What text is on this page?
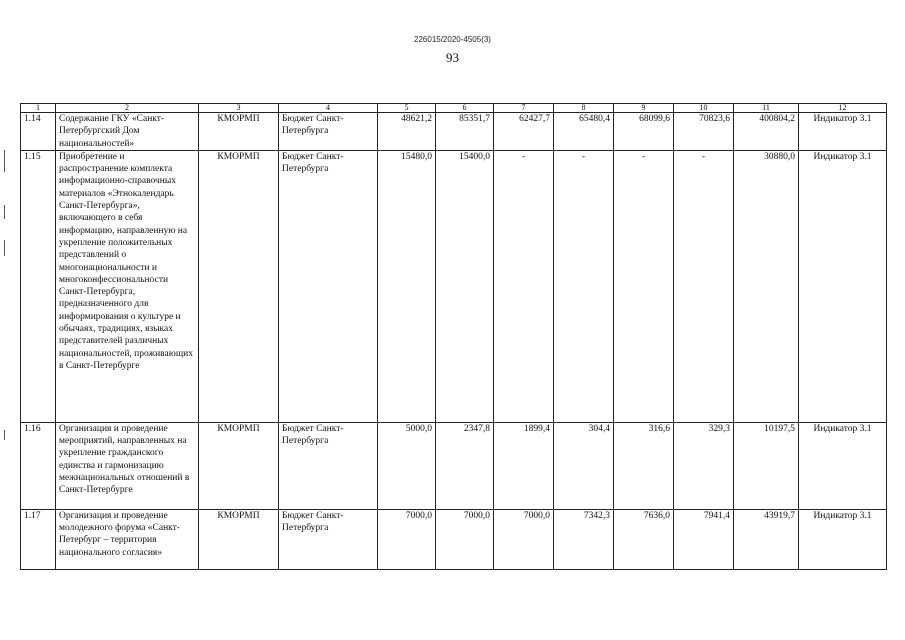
226015/2020-4505(3)
93
1	2	3	4	5	6	7	8	9	10	11	12
1.14	Содержание ГКУ «Санкт-Петербургский Дом национальностей»	КМОРМП	Бюджет Санкт-Петербурга	48621,2	85351,7	62427,7	65480,4	68099,6	70823,6	400804,2	Индикатор 3.1
1.15	Приобретение и распространение комплекта информационно-справочных материалов «Этнокалендарь Санкт-Петербурга», включающего в себя информацию, направленную на укрепление положительных представлений о многонациональности и многоконфессиональности Санкт-Петербурга, предназначенного для информирования о культуре и обычаях, традициях, языках представителей различных национальностей, проживающих в Санкт-Петербурге	КМОРМП	Бюджет Санкт-Петербурга	15480,0	15400,0	-	-	-	-	30880,0	Индикатор 3.1
1.16	Организация и проведение мероприятий, направленных на укрепление гражданского единства и гармонизацию межнациональных отношений в Санкт-Петербурге	КМОРМП	Бюджет Санкт-Петербурга	5000,0	2347,8	1899,4	304,4	316,6	329,3	10197,5	Индикатор 3.1
1.17	Организация и проведение молодежного форума «Санкт-Петербург – территория национального согласия»	КМОРМП	Бюджет Санкт-Петербурга	7000,0	7000,0	7000,0	7342,3	7636,0	7941,4	43919,7	Индикатор 3.1
